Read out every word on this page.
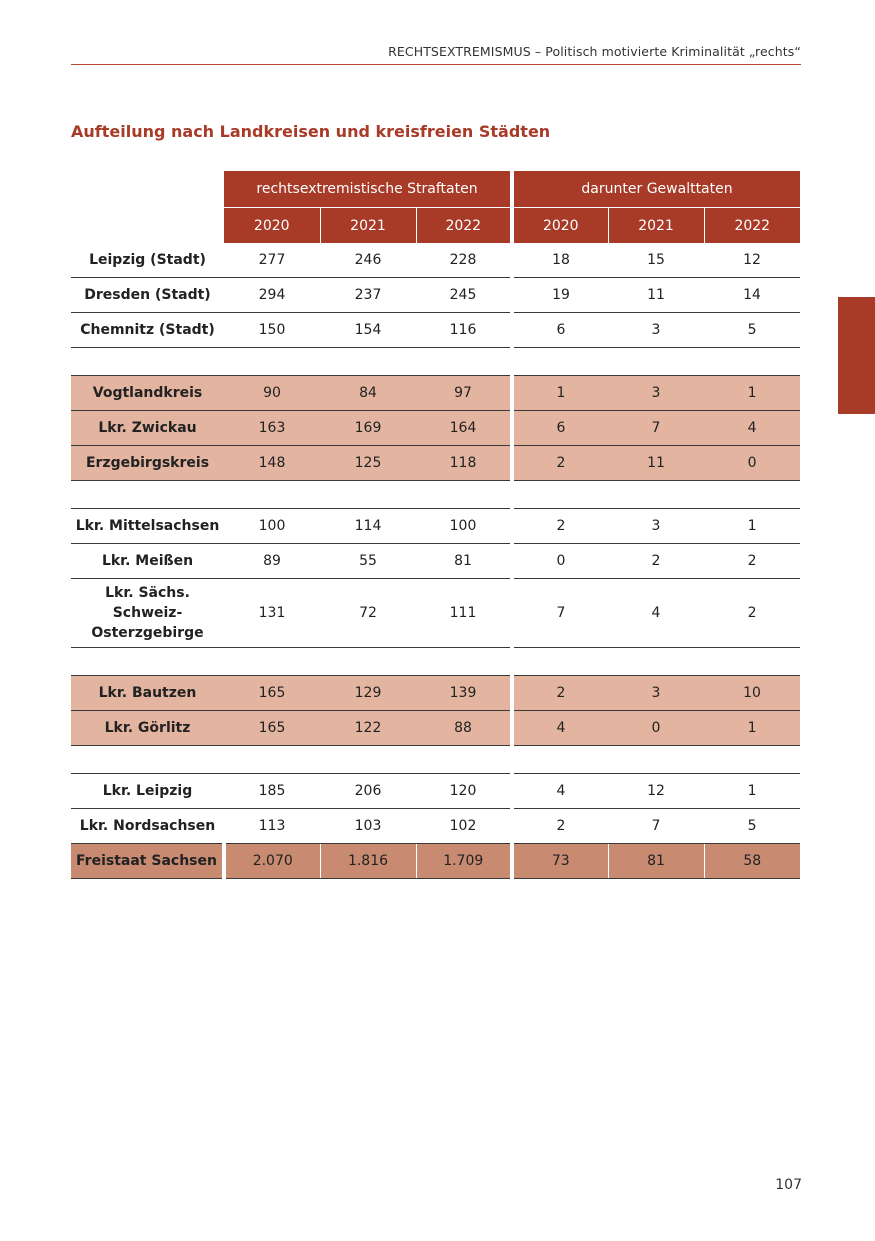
RECHTSEXTREMISMUS – Politisch motivierte Kriminalität „rechts“
Aufteilung nach Landkreisen und kreisfreien Städten
	rechtsextremistische Straftaten			darunter Gewalttaten		
	2020	2021	2022	2020	2021	2022
Leipzig (Stadt)	277	246	228	18	15	12
Dresden (Stadt)	294	237	245	19	11	14
Chemnitz (Stadt)	150	154	116	6	3	5

Vogtlandkreis	90	84	97	1	3	1
Lkr. Zwickau	163	169	164	6	7	4
Erzgebirgskreis	148	125	118	2	11	0

Lkr. Mittelsachsen	100	114	100	2	3	1
Lkr. Meißen	89	55	81	0	2	2

Lkr. Sächs.
Schweiz-
Osterzgebirge	131	72	111	7	4	2

Lkr. Bautzen	165	129	139	2	3	10
Lkr. Görlitz	165	122	88	4	0	1

Lkr. Leipzig	185	206	120	4	12	1
Lkr. Nordsachsen	113	103	102	2	7	5
Freistaat Sachsen	2.070	1.816	1.709	73	81	58
107
